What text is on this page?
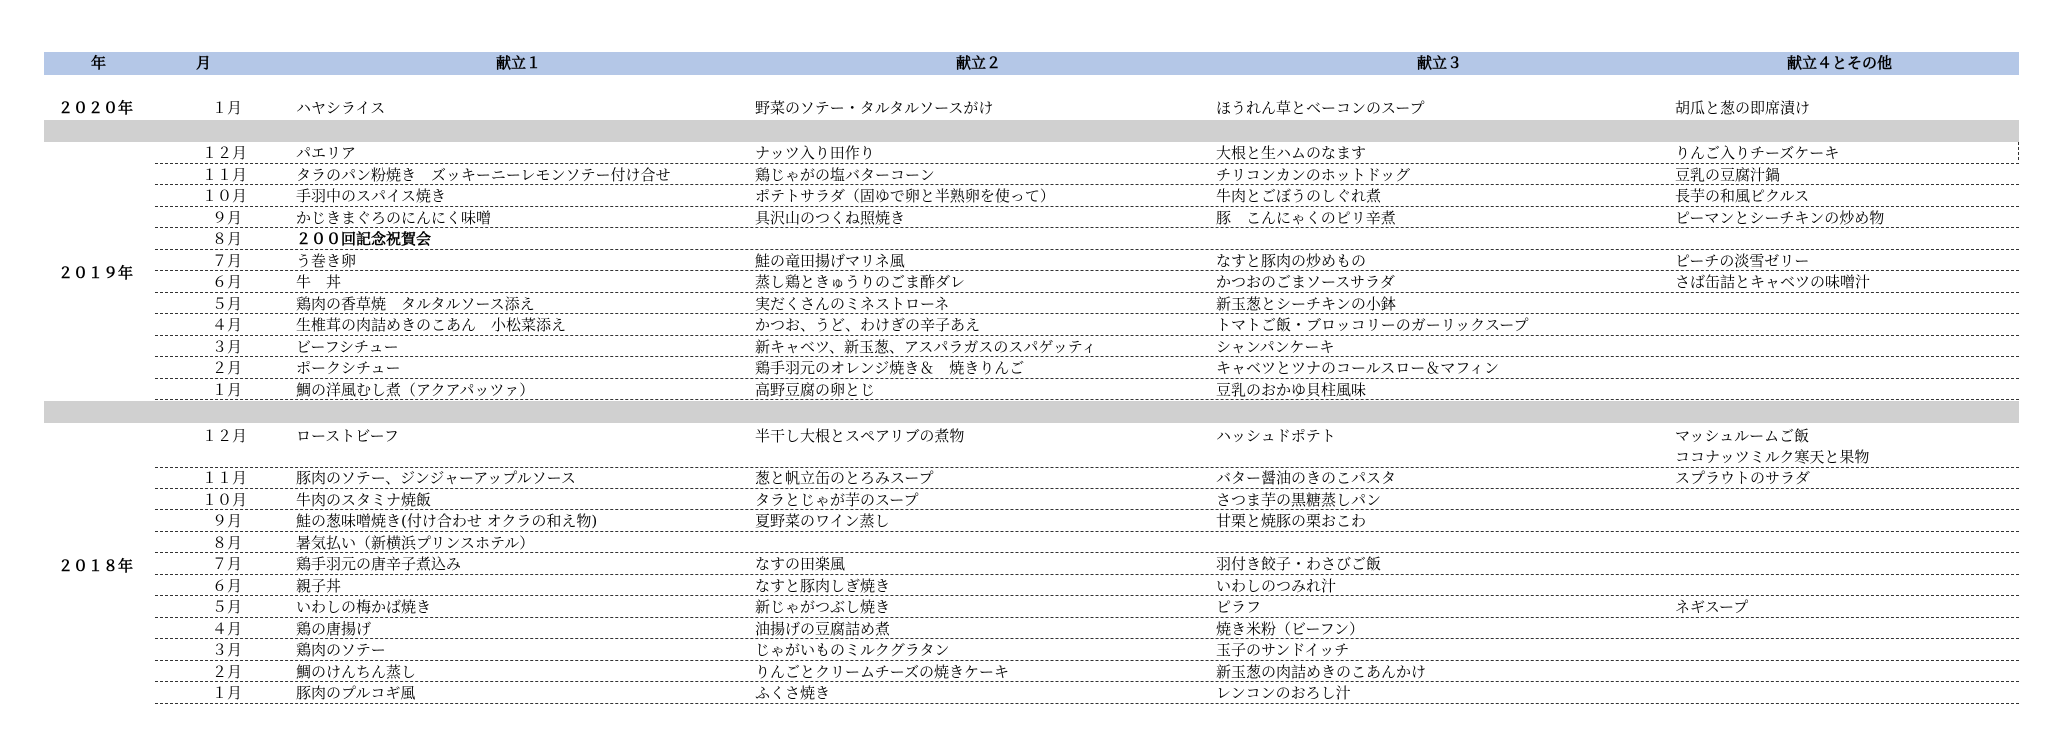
年	月	献立１	献立２	献立３	献立４とその他
２０２０年	１月	ハヤシライス	野菜のソテー・タルタルソースがけ	ほうれん草とベーコンのスープ	胡瓜と葱の即席漬け
２０１９年
１２月	パエリア	ナッツ入り田作り	大根と生ハムのなます	りんご入りチーズケーキ
１１月	タラのパン粉焼き　ズッキーニーレモンソテー付け合せ	鶏じゃがの塩バターコーン	チリコンカンのホットドッグ	豆乳の豆腐汁鍋
１０月	手羽中のスパイス焼き	ポテトサラダ（固ゆで卵と半熟卵を使って）	牛肉とごぼうのしぐれ煮	長芋の和風ピクルス
９月	かじきまぐろのにんにく味噌	具沢山のつくね照焼き	豚　こんにゃくのピリ辛煮	ピーマンとシーチキンの炒め物
８月	２００回記念祝賀会
７月	う巻き卵	鮭の竜田揚げマリネ風	なすと豚肉の炒めもの	ピーチの淡雪ゼリー
６月	牛　丼	蒸し鶏ときゅうりのごま酢ダレ	かつおのごまソースサラダ	さば缶詰とキャベツの味噌汁
５月	鶏肉の香草焼　タルタルソース添え	実だくさんのミネストローネ	新玉葱とシーチキンの小鉢
４月	生椎茸の肉詰めきのこあん　小松菜添え	かつお、うど、わけぎの辛子あえ	トマトご飯・ブロッコリーのガーリックスープ
３月	ビーフシチュー	新キャベツ、新玉葱、アスパラガスのスパゲッティ	シャンパンケーキ
２月	ポークシチュー	鶏手羽元のオレンジ焼き＆　焼きりんご	キャベツとツナのコールスロー＆マフィン
１月	鯛の洋風むし煮（アクアパッツァ）	高野豆腐の卵とじ	豆乳のおかゆ貝柱風味
２０１８年
１２月	ローストビーフ	半干し大根とスペアリブの煮物	ハッシュドポテト	マッシュルームご飯
ココナッツミルク寒天と果物
１１月	豚肉のソテー、ジンジャーアップルソース	葱と帆立缶のとろみスープ	バター醤油のきのこパスタ	スプラウトのサラダ
１０月	牛肉のスタミナ焼飯	タラとじゃが芋のスープ	さつま芋の黒糖蒸しパン
９月	鮭の葱味噌焼き(付け合わせ オクラの和え物)	夏野菜のワイン蒸し	甘栗と焼豚の栗おこわ
８月	暑気払い（新横浜プリンスホテル）
７月	鶏手羽元の唐辛子煮込み	なすの田楽風	羽付き餃子・わさびご飯
６月	親子丼	なすと豚肉しぎ焼き	いわしのつみれ汁
５月	いわしの梅かば焼き	新じゃがつぶし焼き	ピラフ	ネギスープ
４月	鶏の唐揚げ	油揚げの豆腐詰め煮	焼き米粉（ビーフン）
３月	鶏肉のソテー	じゃがいものミルクグラタン	玉子のサンドイッチ
２月	鯛のけんちん蒸し	りんごとクリームチーズの焼きケーキ	新玉葱の肉詰めきのこあんかけ
１月	豚肉のプルコギ風	ふくさ焼き	レンコンのおろし汁
